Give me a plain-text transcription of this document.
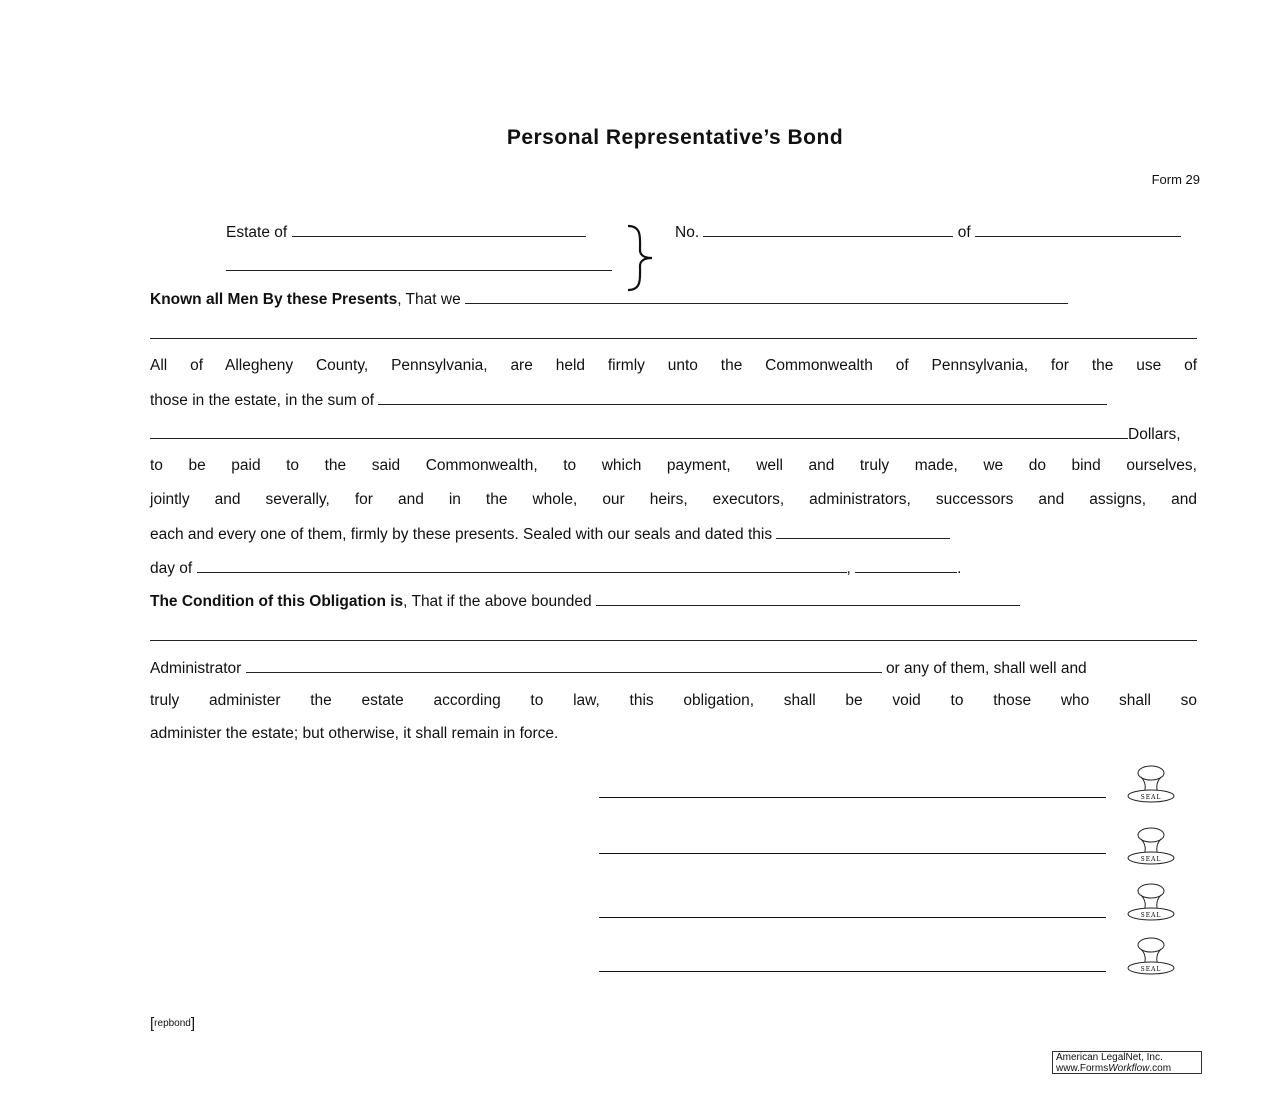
Personal Representative’s Bond
Form 29
Estate of	No.	of
Known all Men By these Presents, That we
All of Allegheny County, Pennsylvania, are held firmly unto the Commonwealth of Pennsylvania, for the use of
those in the estate, in the sum of
Dollars,
to be paid to the said Commonwealth, to which payment, well and truly made, we do bind ourselves,
jointly and severally, for and in the whole, our heirs, executors, administrators, successors and assigns, and
each and every one of them, firmly by these presents. Sealed with our seals and dated this
day of	,	.
The Condition of this Obligation is, That if the above bounded
Administrator	or any of them, shall well and
truly administer the estate according to law, this obligation, shall be void to those who shall so
administer the estate; but otherwise, it shall remain in force.
SEAL
SEAL
SEAL
SEAL
[repbond]
American LegalNet, Inc.
www.FormsWorkflow.com
